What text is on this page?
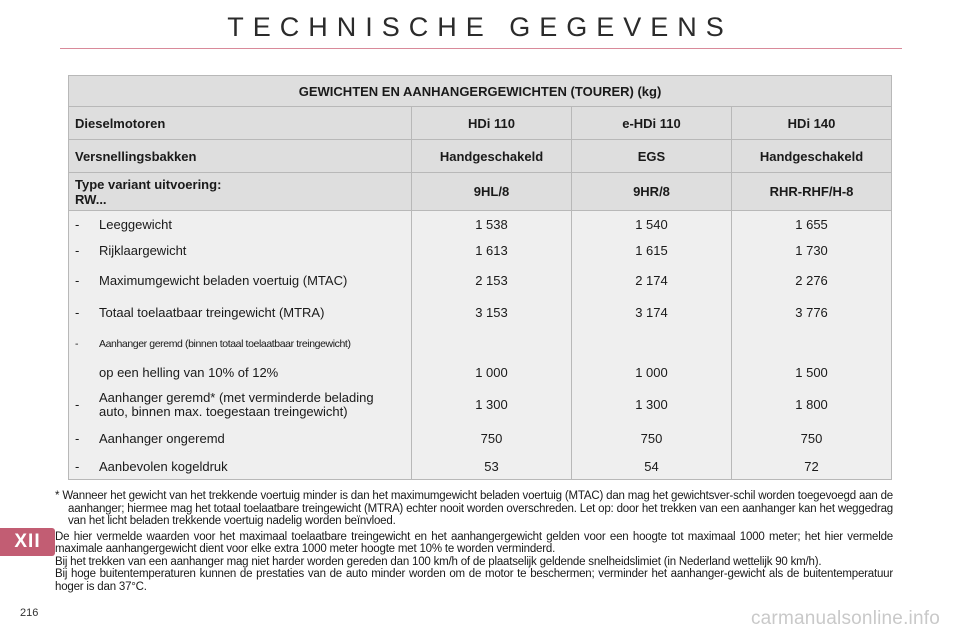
TECHNISCHE GEGEVENS
GEWICHTEN EN AANHANGERGEWICHTEN (TOURER) (kg)			
Dieselmotoren	HDi 110	e-HDi 110	HDi 140
Versnellingsbakken	Handgeschakeld	EGS	Handgeschakeld
Type variant uitvoering:
RW...	9HL/8	9HR/8	RHR-RHF/H-8
- Leeggewicht	1 538	1 540	1 655
- Rijklaargewicht	1 613	1 615	1 730
- Maximumgewicht beladen voertuig (MTAC)	2 153	2 174	2 276
- Totaal toelaatbaar treingewicht (MTRA)	3 153	3 174	3 776
- Aanhanger geremd (binnen totaal toelaatbaar treingewicht)			
op een helling van 10% of 12%	1 000	1 000	1 500
- Aanhanger geremd* (met verminderde belading
auto, binnen max. toegestaan treingewicht)	1 300	1 300	1 800
- Aanhanger ongeremd	750	750	750
- Aanbevolen kogeldruk	53	54	72

* Wanneer het gewicht van het trekkende voertuig minder is dan het maximumgewicht beladen voertuig (MTAC) dan mag het gewichtsver-schil worden toegevoegd aan de aanhanger; hiermee mag het totaal toelaatbare treingewicht (MTRA) echter nooit worden overschreden. Let op: door het trekken van een aanhanger kan het weggedrag van het licht beladen trekkende voertuig nadelig worden beïnvloed.

De hier vermelde waarden voor het maximaal toelaatbare treingewicht en het aanhangergewicht gelden voor een hoogte tot maximaal 1000 meter; het hier vermelde maximale aanhangergewicht dient voor elke extra 1000 meter hoogte met 10% te worden verminderd.

Bij het trekken van een aanhanger mag niet harder worden gereden dan 100 km/h of de plaatselijk geldende snelheidslimiet (in Nederland wettelijk 90 km/h).

Bij hoge buitentemperaturen kunnen de prestaties van de auto minder worden om de motor te beschermen; verminder het aanhanger-gewicht als de buitentemperatuur hoger is dan 37°C.

XII
216	carmanualsonline.info
